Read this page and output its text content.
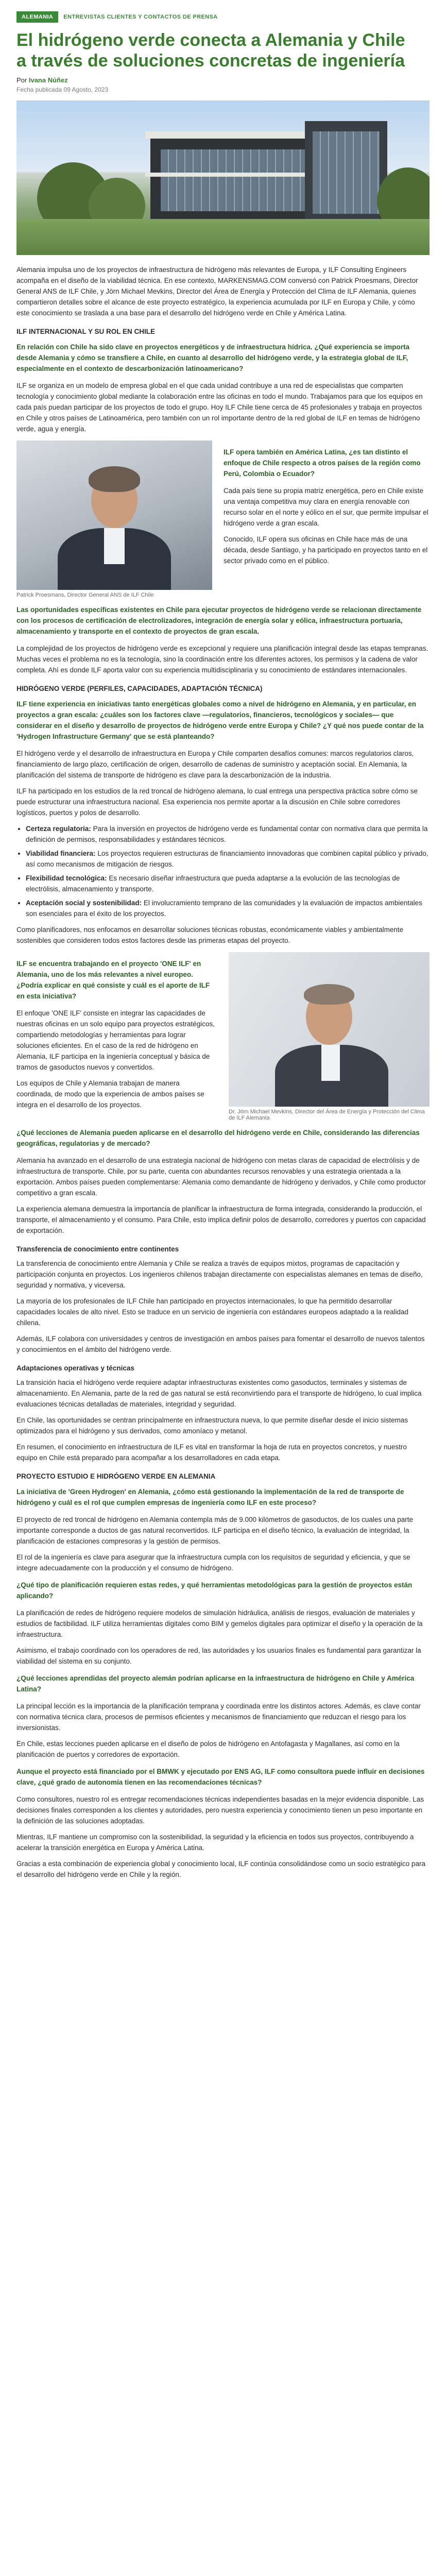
ALEMANIA	ENTREVISTAS CLIENTES Y CONTACTOS DE PRENSA
El hidrógeno verde conecta a Alemania y Chile a través de soluciones concretas de ingeniería
Por Ivana Núñez
Fecha publicada 09 Agosto, 2023

Alemania impulsa uno de los proyectos de infraestructura de hidrógeno más relevantes de Europa, y ILF Consulting Engineers acompaña en el diseño de la viabilidad técnica. En ese contexto, MARKENSMAG.COM conversó con Patrick Proesmans, Director General ANS de ILF Chile, y Jörn Michael Mevkins, Director del Área de Energía y Protección del Clima de ILF Alemania, quienes compartieron detalles sobre el alcance de este proyecto estratégico, la experiencia acumulada por ILF en Europa y Chile, y cómo este conocimiento se traslada a una base para el desarrollo del hidrógeno verde en Chile y América Latina.

ILF INTERNACIONAL Y SU ROL EN CHILE

En relación con Chile ha sido clave en proyectos energéticos y de infraestructura hídrica. ¿Qué experiencia se importa desde Alemania y cómo se transfiere a Chile, en cuanto al desarrollo del hidrógeno verde, y la estrategia global de ILF, especialmente en el contexto de descarbonización latinoamericano?

ILF se organiza en un modelo de empresa global en el que cada unidad contribuye a una red de especialistas que comparten tecnología y conocimiento global mediante la colaboración entre las oficinas en todo el mundo. Trabajamos para que los equipos en cada país puedan participar de los proyectos de todo el grupo. Hoy ILF Chile tiene cerca de 45 profesionales y trabaja en proyectos en Chile y otros países de Latinoamérica, pero también con un rol importante dentro de la red global de ILF en temas de hidrógeno verde, agua y energía.

Patrick Proesmans, Director General ANS de ILF Chile

ILF opera también en América Latina, ¿es tan distinto el enfoque de Chile respecto a otros países de la región como Perú, Colombia o Ecuador?

Cada país tiene su propia matriz energética, pero en Chile existe una ventaja competitiva muy clara en energía renovable con recurso solar en el norte y eólico en el sur, que permite impulsar el hidrógeno verde a gran escala.

Conocido, ILF opera sus oficinas en Chile hace más de una década, desde Santiago, y ha participado en proyectos tanto en el sector privado como en el público.

Las oportunidades específicas existentes en Chile para ejecutar proyectos de hidrógeno verde se relacionan directamente con los procesos de certificación de electrolizadores, integración de energía solar y eólica, infraestructura portuaria, almacenamiento y transporte en el contexto de proyectos de gran escala.

La complejidad de los proyectos de hidrógeno verde es excepcional y requiere una planificación integral desde las etapas tempranas. Muchas veces el problema no es la tecnología, sino la coordinación entre los diferentes actores, los permisos y la cadena de valor completa. Ahí es donde ILF aporta valor con su experiencia multidisciplinaria y su conocimiento de estándares internacionales.

HIDRÓGENO VERDE (PERFILES, CAPACIDADES, ADAPTACIÓN TÉCNICA)

ILF tiene experiencia en iniciativas tanto energéticas globales como a nivel de hidrógeno en Alemania, y en particular, en proyectos a gran escala: ¿cuáles son los factores clave —regulatorios, financieros, tecnológicos y sociales— que considerar en el diseño y desarrollo de proyectos de hidrógeno verde entre Europa y Chile? ¿Y qué nos puede contar de la 'Hydrogen Infrastructure Germany' que se está planteando?

El hidrógeno verde y el desarrollo de infraestructura en Europa y Chile comparten desafíos comunes: marcos regulatorios claros, financiamiento de largo plazo, certificación de origen, desarrollo de cadenas de suministro y aceptación social. En Alemania, la planificación del sistema de transporte de hidrógeno es clave para la descarbonización de la industria.

ILF ha participado en los estudios de la red troncal de hidrógeno alemana, lo cual entrega una perspectiva práctica sobre cómo se puede estructurar una infraestructura nacional. Esa experiencia nos permite aportar a la discusión en Chile sobre corredores logísticos, puertos y polos de desarrollo.

• Certeza regulatoria: Para la inversión en proyectos de hidrógeno verde es fundamental contar con normativa clara que permita la definición de permisos, responsabilidades y estándares técnicos.
• Viabilidad financiera: Los proyectos requieren estructuras de financiamiento innovadoras que combinen capital público y privado, así como mecanismos de mitigación de riesgos.
• Flexibilidad tecnológica: Es necesario diseñar infraestructura que pueda adaptarse a la evolución de las tecnologías de electrólisis, almacenamiento y transporte.
• Aceptación social y sostenibilidad: El involucramiento temprano de las comunidades y la evaluación de impactos ambientales son esenciales para el éxito de los proyectos.

Como planificadores, nos enfocamos en desarrollar soluciones técnicas robustas, económicamente viables y ambientalmente sostenibles que consideren todos estos factores desde las primeras etapas del proyecto.

ILF se encuentra trabajando en el proyecto 'ONE ILF' en Alemania, uno de los más relevantes a nivel europeo. ¿Podría explicar en qué consiste y cuál es el aporte de ILF en esta iniciativa?

El enfoque 'ONE ILF' consiste en integrar las capacidades de nuestras oficinas en un solo equipo para proyectos estratégicos, compartiendo metodologías y herramientas para lograr soluciones eficientes. En el caso de la red de hidrógeno en Alemania, ILF participa en la ingeniería conceptual y básica de tramos de gasoductos nuevos y convertidos.

Los equipos de Chile y Alemania trabajan de manera coordinada, de modo que la experiencia de ambos países se integra en el desarrollo de los proyectos.

Dr. Jörn Michael Mevkins, Director del Área de Energía y Protección del Clima de ILF Alemania

¿Qué lecciones de Alemania pueden aplicarse en el desarrollo del hidrógeno verde en Chile, considerando las diferencias geográficas, regulatorias y de mercado?

Alemania ha avanzado en el desarrollo de una estrategia nacional de hidrógeno con metas claras de capacidad de electrólisis y de infraestructura de transporte. Chile, por su parte, cuenta con abundantes recursos renovables y una estrategia orientada a la exportación. Ambos países pueden complementarse: Alemania como demandante de hidrógeno y derivados, y Chile como productor competitivo a gran escala.

La experiencia alemana demuestra la importancia de planificar la infraestructura de forma integrada, considerando la producción, el transporte, el almacenamiento y el consumo. Para Chile, esto implica definir polos de desarrollo, corredores y puertos con capacidad de exportación.

Transferencia de conocimiento entre continentes

La transferencia de conocimiento entre Alemania y Chile se realiza a través de equipos mixtos, programas de capacitación y participación conjunta en proyectos. Los ingenieros chilenos trabajan directamente con especialistas alemanes en temas de diseño, seguridad y normativa, y viceversa.

La mayoría de los profesionales de ILF Chile han participado en proyectos internacionales, lo que ha permitido desarrollar capacidades locales de alto nivel. Esto se traduce en un servicio de ingeniería con estándares europeos adaptado a la realidad chilena.

Además, ILF colabora con universidades y centros de investigación en ambos países para fomentar el desarrollo de nuevos talentos y conocimientos en el ámbito del hidrógeno verde.

Adaptaciones operativas y técnicas

La transición hacia el hidrógeno verde requiere adaptar infraestructuras existentes como gasoductos, terminales y sistemas de almacenamiento. En Alemania, parte de la red de gas natural se está reconvirtiendo para el transporte de hidrógeno, lo cual implica evaluaciones técnicas detalladas de materiales, integridad y seguridad.

En Chile, las oportunidades se centran principalmente en infraestructura nueva, lo que permite diseñar desde el inicio sistemas optimizados para el hidrógeno y sus derivados, como amoníaco y metanol.

En resumen, el conocimiento en infraestructura de ILF es vital en transformar la hoja de ruta en proyectos concretos, y nuestro equipo en Chile está preparado para acompañar a los desarrolladores en cada etapa.

PROYECTO ESTUDIO E HIDRÓGENO VERDE EN ALEMANIA

La iniciativa de 'Green Hydrogen' en Alemania, ¿cómo está gestionando la implementación de la red de transporte de hidrógeno y cuál es el rol que cumplen empresas de ingeniería como ILF en este proceso?

El proyecto de red troncal de hidrógeno en Alemania contempla más de 9.000 kilómetros de gasoductos, de los cuales una parte importante corresponde a ductos de gas natural reconvertidos. ILF participa en el diseño técnico, la evaluación de integridad, la planificación de estaciones compresoras y la gestión de permisos.

El rol de la ingeniería es clave para asegurar que la infraestructura cumpla con los requisitos de seguridad y eficiencia, y que se integre adecuadamente con la producción y el consumo de hidrógeno.

¿Qué tipo de planificación requieren estas redes, y qué herramientas metodológicas para la gestión de proyectos están aplicando?

La planificación de redes de hidrógeno requiere modelos de simulación hidráulica, análisis de riesgos, evaluación de materiales y estudios de factibilidad. ILF utiliza herramientas digitales como BIM y gemelos digitales para optimizar el diseño y la operación de la infraestructura.

Asimismo, el trabajo coordinado con los operadores de red, las autoridades y los usuarios finales es fundamental para garantizar la viabilidad del sistema en su conjunto.

¿Qué lecciones aprendidas del proyecto alemán podrían aplicarse en la infraestructura de hidrógeno en Chile y América Latina?

La principal lección es la importancia de la planificación temprana y coordinada entre los distintos actores. Además, es clave contar con normativa técnica clara, procesos de permisos eficientes y mecanismos de financiamiento que reduzcan el riesgo para los inversionistas.

En Chile, estas lecciones pueden aplicarse en el diseño de polos de hidrógeno en Antofagasta y Magallanes, así como en la planificación de puertos y corredores de exportación.

Aunque el proyecto está financiado por el BMWK y ejecutado por ENS AG, ILF como consultora puede influir en decisiones clave, ¿qué grado de autonomía tienen en las recomendaciones técnicas?

Como consultores, nuestro rol es entregar recomendaciones técnicas independientes basadas en la mejor evidencia disponible. Las decisiones finales corresponden a los clientes y autoridades, pero nuestra experiencia y conocimiento tienen un peso importante en la definición de las soluciones adoptadas.

Mientras, ILF mantiene un compromiso con la sostenibilidad, la seguridad y la eficiencia en todos sus proyectos, contribuyendo a acelerar la transición energética en Europa y América Latina.

Gracias a esta combinación de experiencia global y conocimiento local, ILF continúa consolidándose como un socio estratégico para el desarrollo del hidrógeno verde en Chile y la región.
